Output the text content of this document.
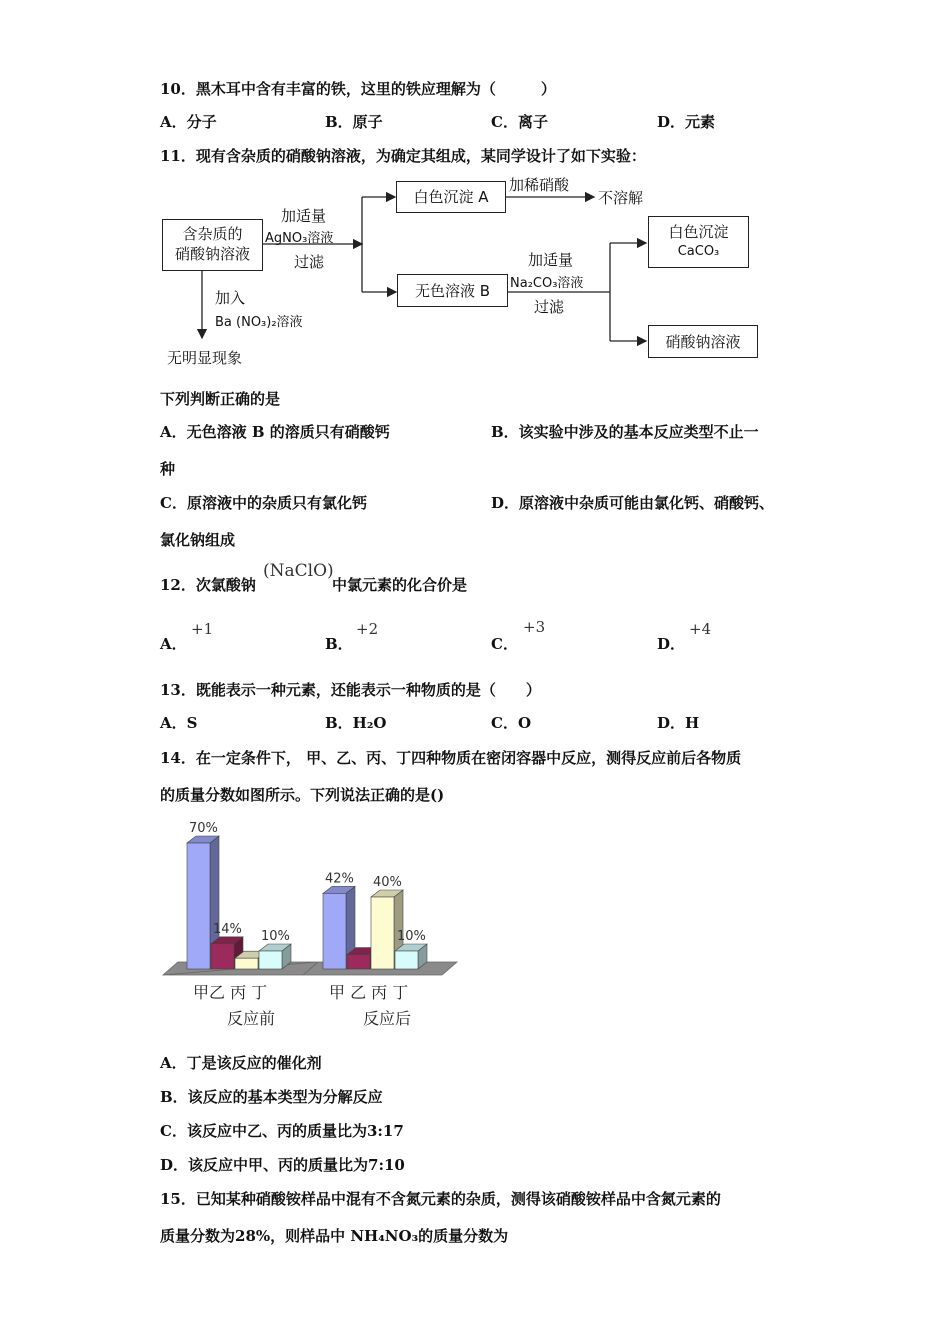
10．黑木耳中含有丰富的铁，这里的铁应理解为（　　　）
A．分子	B．原子	C．离子	D．元素
11．现有含杂质的硝酸钠溶液，为确定其组成，某同学设计了如下实验：
含杂质的
硝酸钠溶液
加适量
AgNO₃溶液
过滤
白色沉淀 A
加稀硝酸
不溶解
无色溶液 B
加适量
Na₂CO₃溶液
过滤
白色沉淀
CaCO₃
硝酸钠溶液
加入
Ba (NO₃)₂溶液
无明显现象
下列判断正确的是
A．无色溶液 B 的溶质只有硝酸钙	B．该实验中涉及的基本反应类型不止一
种
C．原溶液中的杂质只有氯化钙	D．原溶液中杂质可能由氯化钙、硝酸钙、
氯化钠组成
12．次氯酸钠
(NaClO)
中氯元素的化合价是
A．
+1
B．
+2
C．
+3
D．
+4
13．既能表示一种元素，还能表示一种物质的是（　　）
A．S	B．H₂O	C．O	D．H
14．在一定条件下， 甲、乙、丙、丁四种物质在密闭容器中反应，测得反应前后各物质
的质量分数如图所示。下列说法正确的是()
70%
14% 10%
甲乙 丙 丁
反应前
42% 40%
10%
甲 乙 丙 丁
反应后
A．丁是该反应的催化剂
B．该反应的基本类型为分解反应
C．该反应中乙、丙的质量比为3:17
D．该反应中甲、丙的质量比为7:10
15．已知某种硝酸铵样品中混有不含氮元素的杂质，测得该硝酸铵样品中含氮元素的
质量分数为28%，则样品中 NH₄NO₃的质量分数为
